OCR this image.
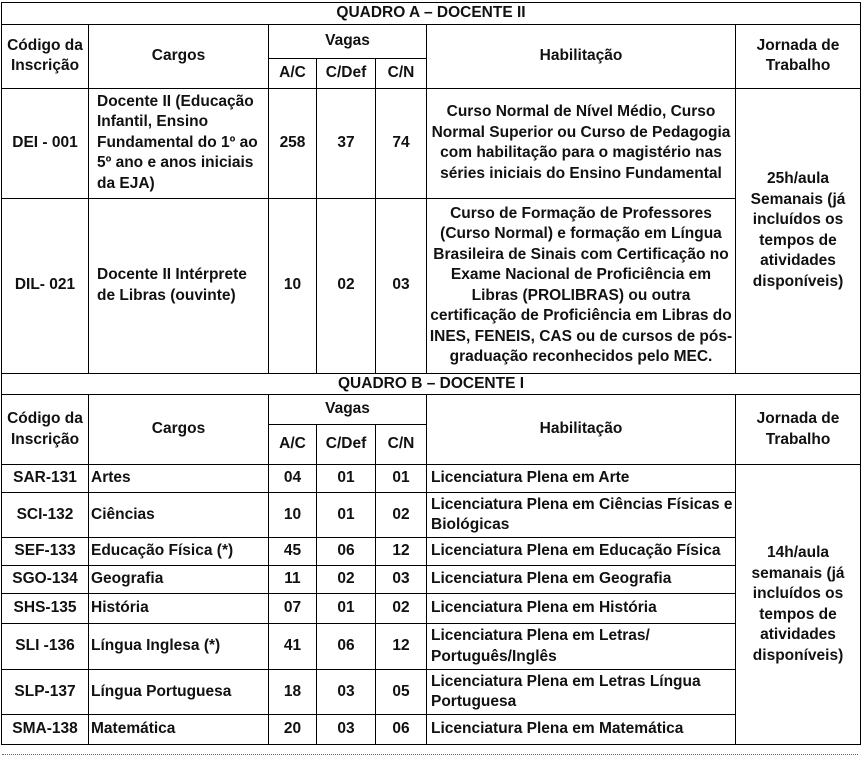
QUADRO A – DOCENTE II						
Código da Inscrição	Cargos	Vagas			Habilitação	Jornada de Trabalho
		A/C	C/Def	C/N		
DEI - 001	Docente II (Educação Infantil, Ensino Fundamental do 1º ao 5º ano e anos iniciais da EJA)	258	37	74	Curso Normal de Nível Médio, Curso Normal Superior ou Curso de Pedagogia com habilitação para o magistério nas séries iniciais do Ensino Fundamental	25h/aula Semanais (já incluídos os tempos de atividades disponíveis)
DIL- 021	Docente II Intérprete de Libras (ouvinte)	10	02	03	Curso de Formação de Professores (Curso Normal) e formação em Língua Brasileira de Sinais com Certificação no Exame Nacional de Proficiência em Libras (PROLIBRAS) ou outra certificação de Proficiência em Libras do INES, FENEIS, CAS ou de cursos de pós-graduação reconhecidos pelo MEC.	
QUADRO B – DOCENTE I						
Código da Inscrição	Cargos	Vagas			Habilitação	Jornada de Trabalho
		A/C	C/Def	C/N		
SAR-131	Artes	04	01	01	Licenciatura Plena em Arte	14h/aula semanais (já incluídos os tempos de atividades disponíveis)
SCI-132	Ciências	10	01	02	Licenciatura Plena em Ciências Físicas e Biológicas	
SEF-133	Educação Física (*)	45	06	12	Licenciatura Plena em Educação Física	
SGO-134	Geografia	11	02	03	Licenciatura Plena em Geografia	
SHS-135	História	07	01	02	Licenciatura Plena em História	
SLI -136	Língua Inglesa (*)	41	06	12	Licenciatura Plena em Letras/ Português/Inglês	
SLP-137	Língua Portuguesa	18	03	05	Licenciatura Plena em Letras Língua Portuguesa	
SMA-138	Matemática	20	03	06	Licenciatura Plena em Matemática	
